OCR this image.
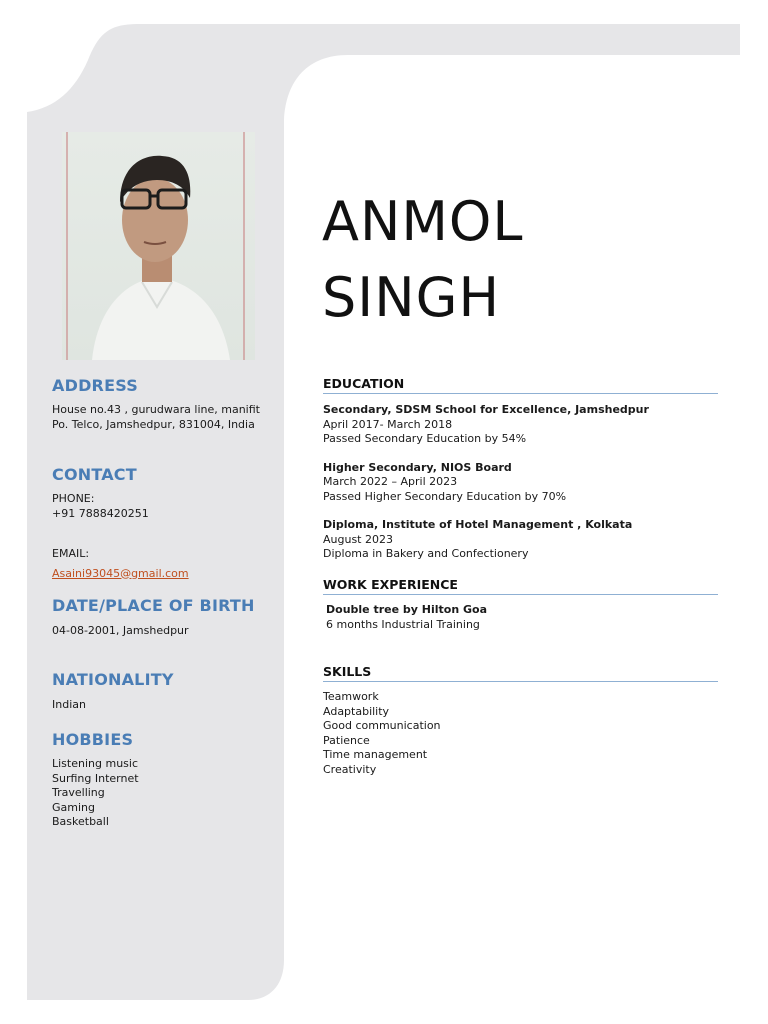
ANMOL
SINGH
ADDRESS

House no.43 , gurudwara line, manifit

Po. Telco, Jamshedpur, 831004, India

CONTACT

PHONE:

+91 7888420251

EMAIL:

Asaini93045@gmail.com
DATE/PLACE OF BIRTH

04-08-2001, Jamshedpur

NATIONALITY

Indian

HOBBIES

Listening music

Surfing Internet

Travelling

Gaming

Basketball

EDUCATION

Secondary, SDSM School for Excellence, Jamshedpur

April 2017- March 2018

Passed Secondary Education by 54%

Higher Secondary, NIOS Board

March 2022 – April 2023

Passed Higher Secondary Education by 70%

Diploma, Institute of Hotel Management , Kolkata

August 2023

Diploma in Bakery and Confectionery

WORK EXPERIENCE

Double tree by Hilton Goa

6 months Industrial Training

SKILLS

Teamwork

Adaptability

Good communication

Patience

Time management

Creativity
